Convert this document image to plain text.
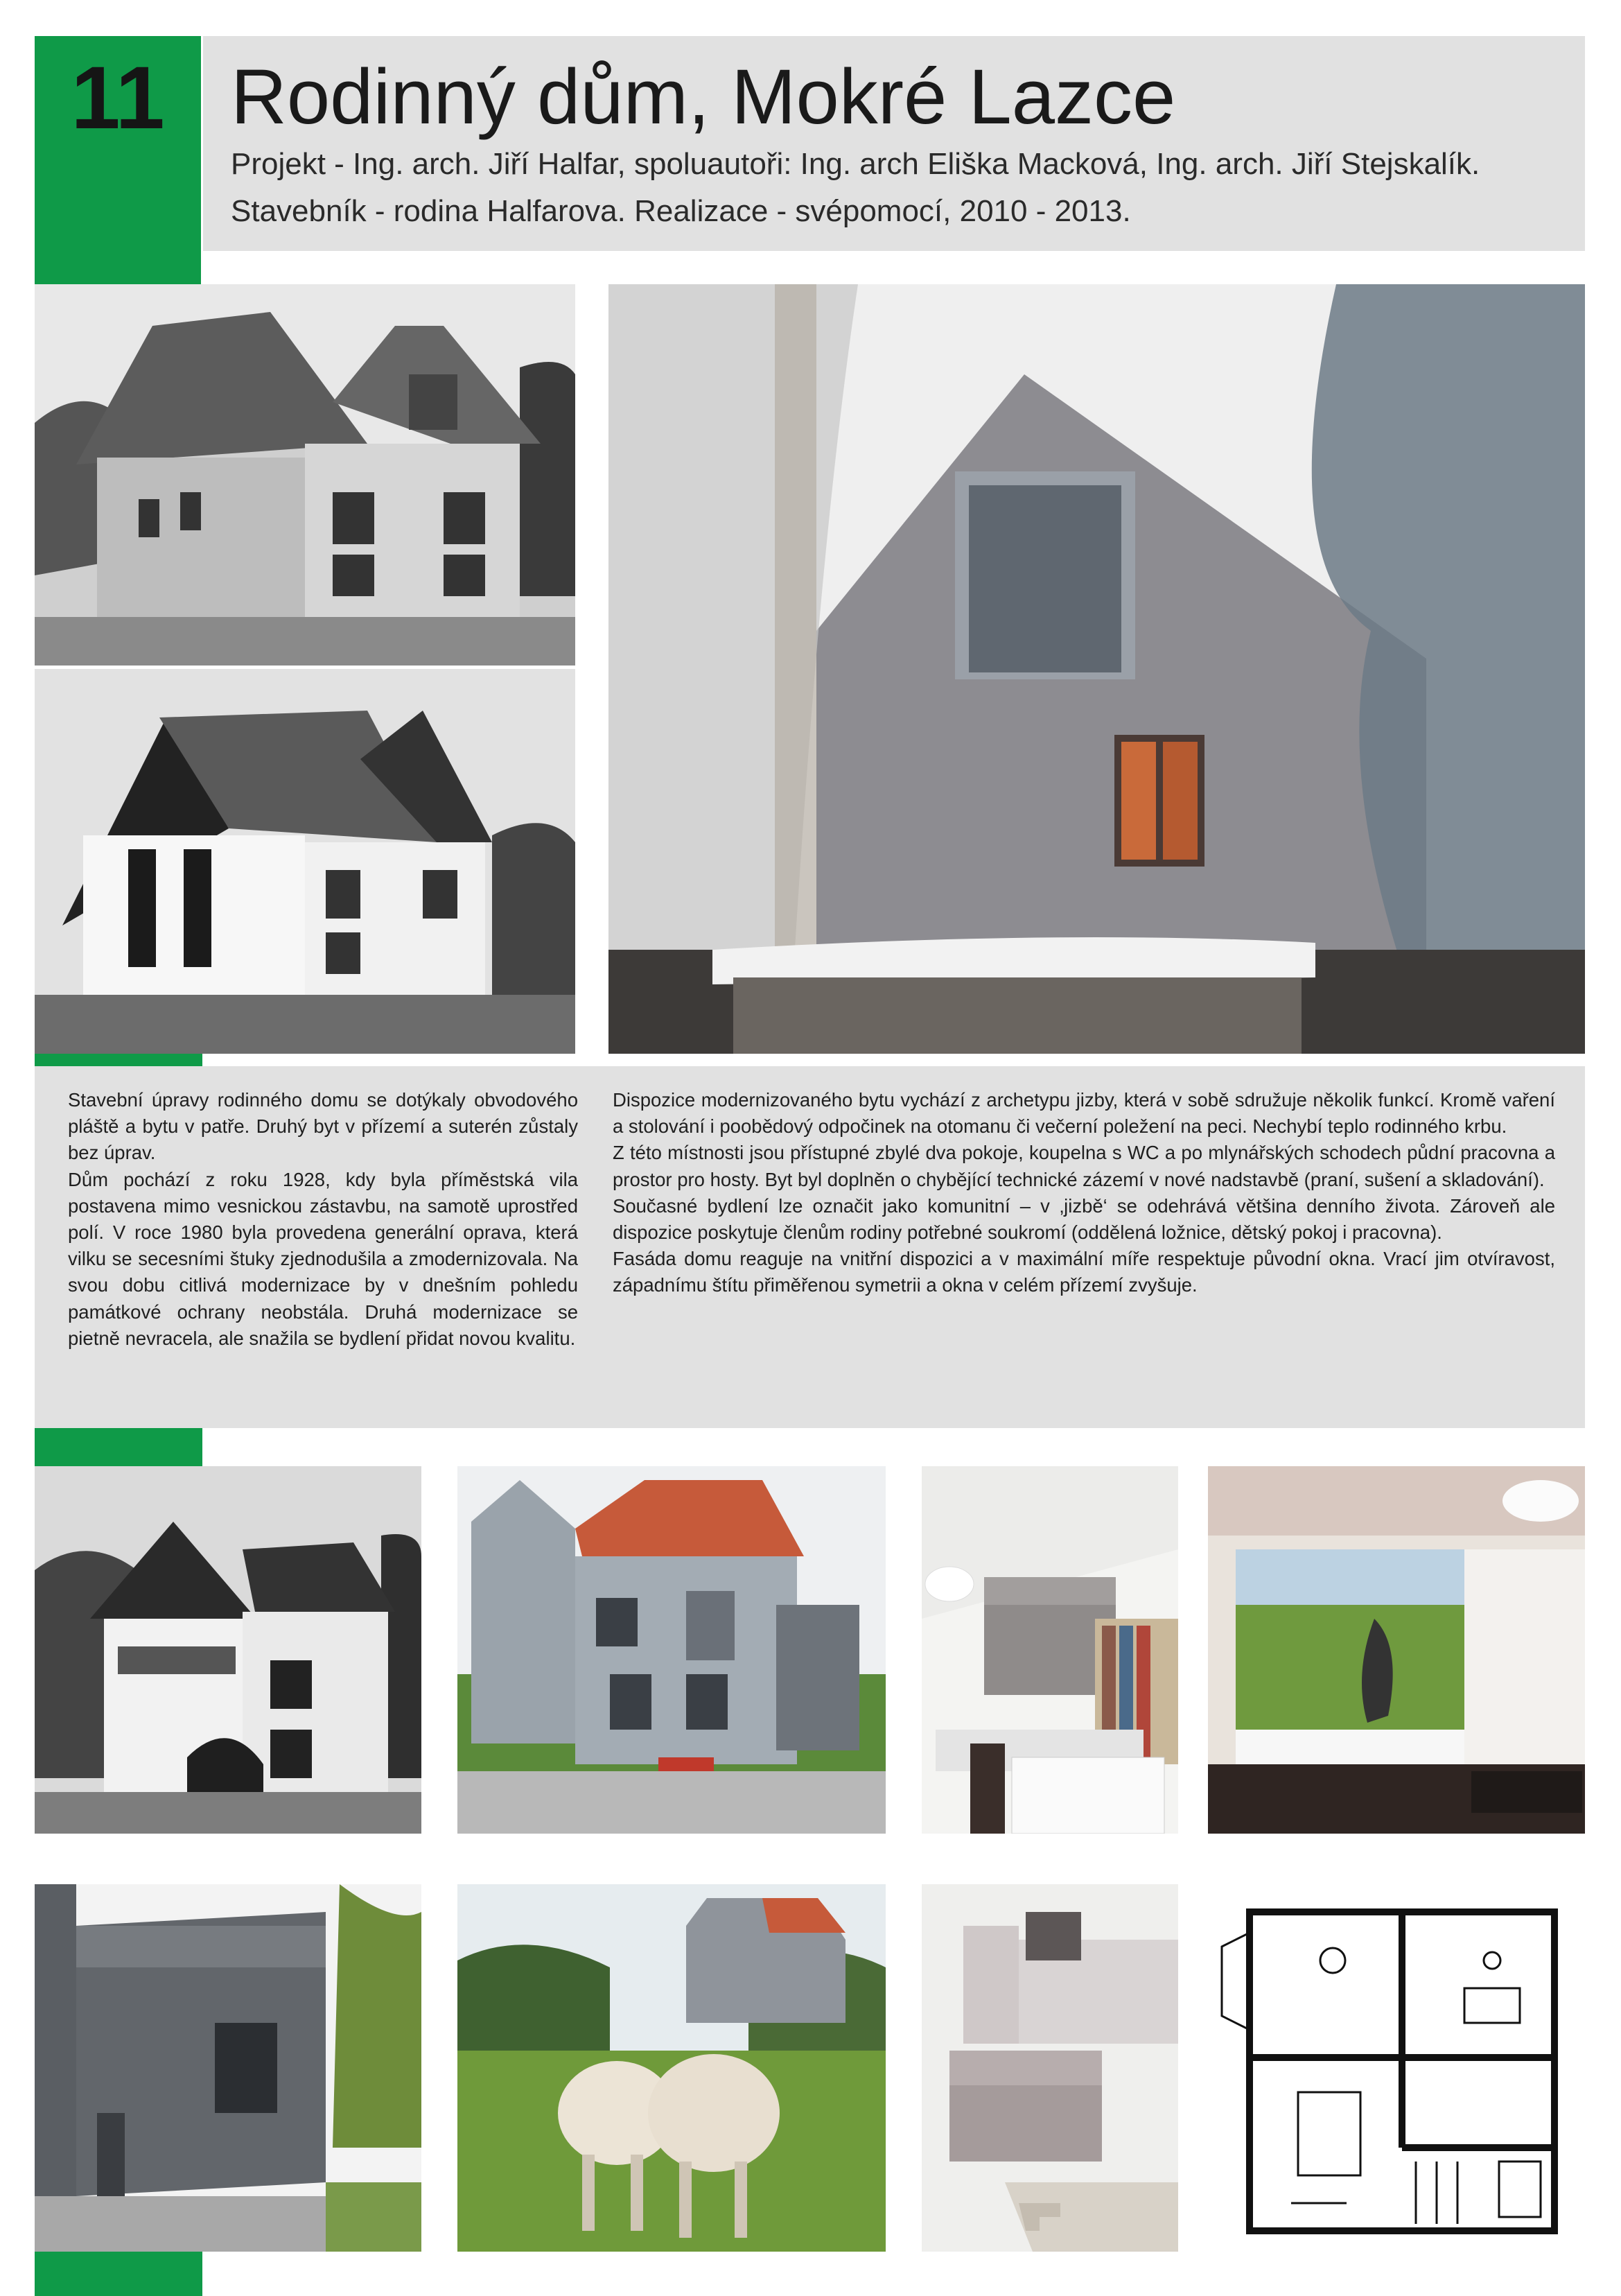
11 Rodinný dům, Mokré Lazce
Projekt - Ing. arch. Jiří Halfar, spoluautoři: Ing. arch Eliška Macková, Ing. arch. Jiří Stejskalík.
Stavebník - rodina Halfarova. Realizace - svépomocí, 2010 - 2013.

Stavební úpravy rodinného domu se dotýkaly obvodového pláště a bytu v patře. Druhý byt v přízemí a suterén zůstaly bez úprav.

Dům pochází z roku 1928, kdy byla příměstská vila postavena mimo vesnickou zástavbu, na samotě uprostřed polí. V roce 1980 byla provedena generální oprava, která vilku se secesními štuky zjednodušila a zmodernizovala. Na svou dobu citlivá modernizace by v dnešním pohledu památkové ochrany neobstála. Druhá modernizace se pietně nevracela, ale snažila se bydlení přidat novou kvalitu.

Dispozice modernizovaného bytu vychází z archetypu jizby, která v sobě sdružuje několik funkcí. Kromě vaření a stolování i poobědový odpočinek na otomanu či večerní poležení na peci. Nechybí teplo rodinného krbu.

Z této místnosti jsou přístupné zbylé dva pokoje, koupelna s WC a po mlynářských schodech půdní pracovna a prostor pro hosty. Byt byl doplněn o chybějící technické zázemí v nové nadstavbě (praní, sušení a skladování).

Současné bydlení lze označit jako komunitní – v ‚jizbě‘ se odehrává většina denního života. Zároveň ale dispozice poskytuje členům rodiny potřebné soukromí (oddělená ložnice, dětský pokoj i pracovna).

Fasáda domu reaguje na vnitřní dispozici a v maximální míře respektuje původní okna. Vrací jim otvíravost, západnímu štítu přiměřenou symetrii a okna v celém přízemí zvyšuje.
